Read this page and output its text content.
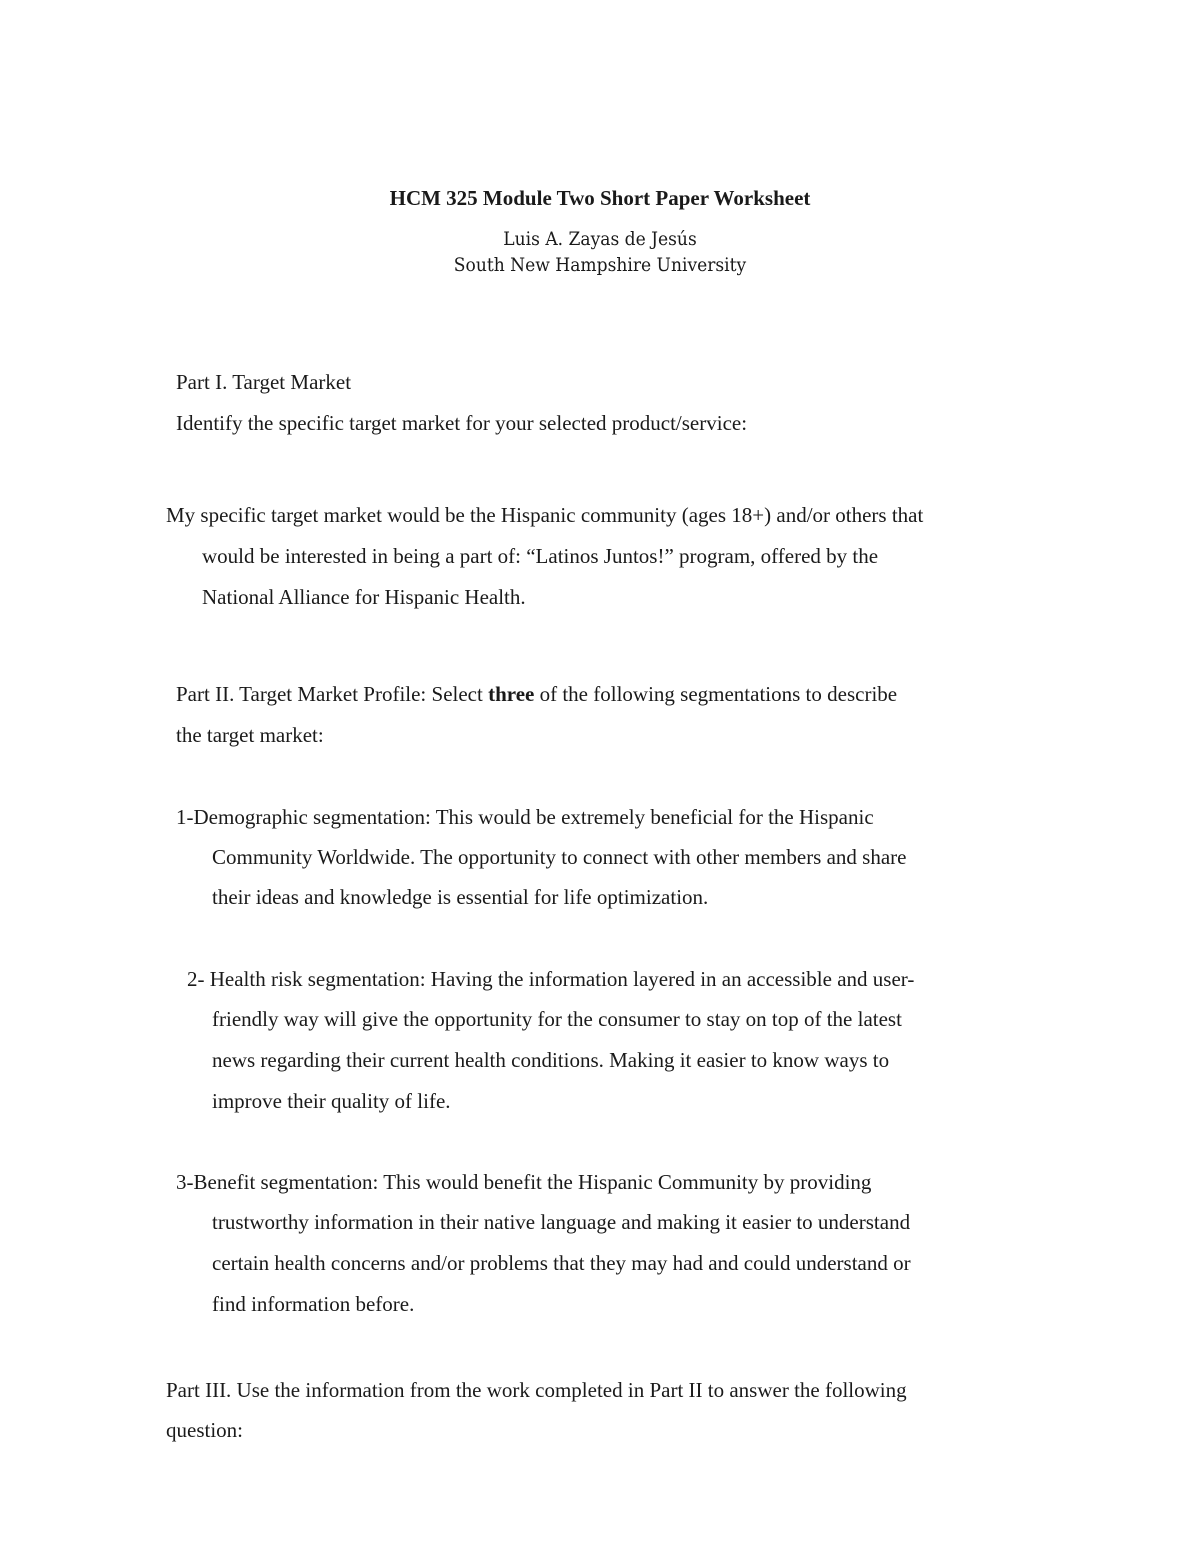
HCM 325 Module Two Short Paper Worksheet
Luis A. Zayas de Jesús
South New Hampshire University
Part I. Target Market
Identify the specific target market for your selected product/service:
My specific target market would be the Hispanic community (ages 18+) and/or others that
would be interested in being a part of: “Latinos Juntos!” program, offered by the
National Alliance for Hispanic Health.
Part II. Target Market Profile: Select three of the following segmentations to describe
the target market:
1-Demographic segmentation: This would be extremely beneficial for the Hispanic
Community Worldwide. The opportunity to connect with other members and share
their ideas and knowledge is essential for life optimization.
2- Health risk segmentation: Having the information layered in an accessible and user-
friendly way will give the opportunity for the consumer to stay on top of the latest
news regarding their current health conditions. Making it easier to know ways to
improve their quality of life.
3-Benefit segmentation: This would benefit the Hispanic Community by providing
trustworthy information in their native language and making it easier to understand
certain health concerns and/or problems that they may had and could understand or
find information before.
Part III. Use the information from the work completed in Part II to answer the following
question:
